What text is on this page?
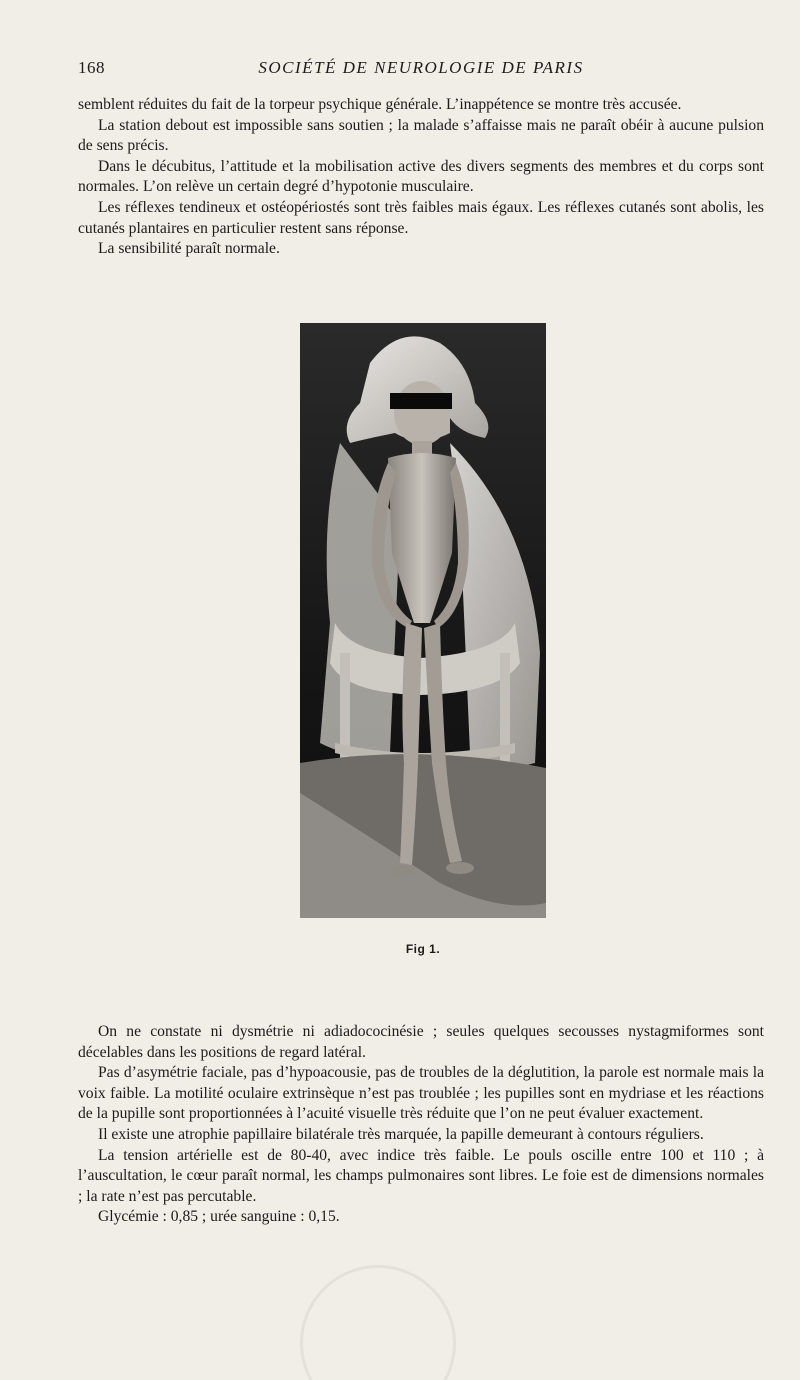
168	SOCIÉTÉ DE NEUROLOGIE DE PARIS

semblent réduites du fait de la torpeur psychique générale. L’inappétence se montre très accusée.

La station debout est impossible sans soutien ; la malade s’affaisse mais ne paraît obéir à aucune pulsion de sens précis.

Dans le décubitus, l’attitude et la mobilisation active des divers segments des membres et du corps sont normales. L’on relève un certain degré d’hypotonie musculaire.

Les réflexes tendineux et ostéopériostés sont très faibles mais égaux. Les réflexes cutanés sont abolis, les cutanés plantaires en particulier restent sans réponse.

La sensibilité paraît normale.

Fig 1.

On ne constate ni dysmétrie ni adiadococinésie ; seules quelques secousses nystagmiformes sont décelables dans les positions de regard latéral.

Pas d’asymétrie faciale, pas d’hypoacousie, pas de troubles de la déglutition, la parole est normale mais la voix faible. La motilité oculaire extrinsèque n’est pas troublée ; les pupilles sont en mydriase et les réactions de la pupille sont proportionnées à l’acuité visuelle très réduite que l’on ne peut évaluer exactement.

Il existe une atrophie papillaire bilatérale très marquée, la papille demeurant à contours réguliers.

La tension artérielle est de 80-40, avec indice très faible. Le pouls oscille entre 100 et 110 ; à l’auscultation, le cœur paraît normal, les champs pulmonaires sont libres. Le foie est de dimensions normales ; la rate n’est pas percutable.

Glycémie : 0,85 ; urée sanguine : 0,15.
